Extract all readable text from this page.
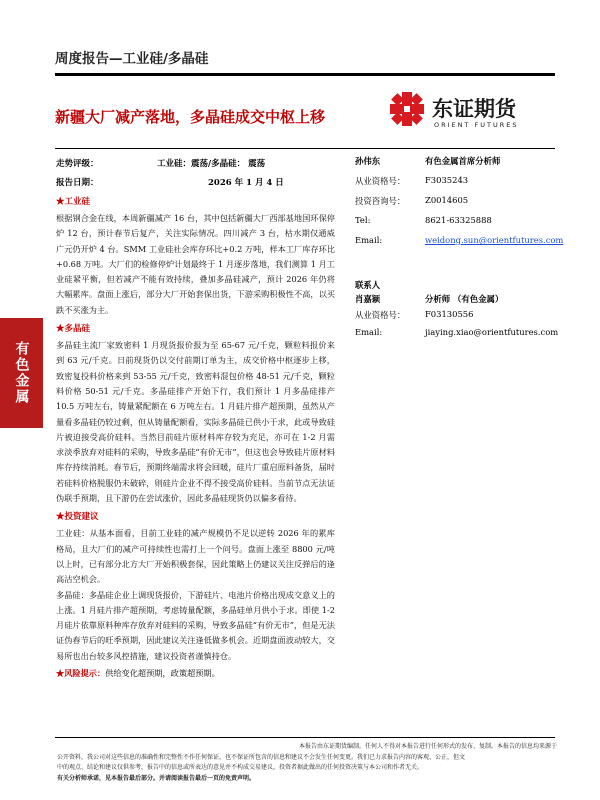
有色金属
周度报告—工业硅/多晶硅
新疆大厂减产落地，多晶硅成交中枢上移	东证期货
ORIENT FUTURES
走势评级：	工业硅：震荡/多晶硅： 震荡
报告日期：	2026 年 1 月 4 日
★工业硅
根据钢合金在线，本周新疆减产 16 台，其中包括新疆大厂西部基地国环保停炉 12 台，预计春节后复产，关注实际情况。四川减产 3 台，枯水期仅通威广元仍开炉 4 台。SMM 工业硅社会库存环比+0.2 万吨，样本工厂库存环比+0.68 万吨。大厂们的检修停炉计划最终于 1 月逐步落地，我们测算 1 月工业硅紧平衡，但若减产不能有效持续，叠加多晶硅减产，预计 2026 年仍将大幅累库。盘面上涨后，部分大厂开始套保出货，下游采购积极性不高，以买跌不买涨为主。
★多晶硅
多晶硅主流厂家致密料 1 月现货报价报为至 65-67 元/千克，颗粒料报价来到 63 元/千克。日前现货仍以交付前期订单为主，成交价格中枢逐步上移，致密复投料价格来到 53-55 元/千克，致密料混包价格 48-51 元/千克，颗粒料价格 50-51 元/千克。多晶硅排产开始下行，我们预计 1 月多晶硅排产 10.5 万吨左右，铸量紧配额在 6 万吨左右。1 月硅片排产超预期，虽然从产量看多晶硅仍较过剩，但从铸量配额看，实际多晶硅已供小于求，此或导致硅片被迫接受高价硅料。当然目前硅片原材料库存较为充足，亦可在 1-2 月需求淡季放弃对硅料的采购，导致多晶硅“有价无市”，但这也会导致硅片原材料库存持续消耗。春节后，预期终端需求将会回暖，硅片厂重启原料备货，届时若硅料价格脱服仍未破碎，则硅片企业不得不接受高价硅料。当前节点无法证伪联手预期，且下游仍在尝试涨价，因此多晶硅现货仍以偏多看待。
★投资建议
工业硅：从基本面看，目前工业硅的减产规模仍不足以逆转 2026 年的累库格局，且大厂们的减产可持续性也需打上一个问号。盘面上涨至 8800 元/吨以上时，已有部分北方大厂开始积极套保，因此策略上仍建议关注反弹后的逢高沽空机会。
多晶硅：多晶硅企业上调现货报价，下游硅片、电池片价格出现成交意义上的上涨。1 月硅片排产超预期，考虑铸量配额，多晶硅单月供小于求。即使 1-2 月硅片依靠原料种库存放弃对硅料的采购，导致多晶硅“有价无市”，但是无法证伪春节后的旺季预期，因此建议关注逢低做多机会。近期盘面波动较大，交易所也出台较多风控措施，建议投资者谨慎持仓。
★风险提示：供给变化超预期，政策超预期。
孙伟东	有色金属首席分析师
从业资格号： F3035243
投资咨询号： Z0014605
Tel:	8621-63325888
Email:	weidong.sun@orientfutures.com
联系人
肖嘉颖	分析师 （有色金属）
从业资格号： F03130556
Email:	jiaying.xiao@orientfutures.com
本报告由东证期货编制。任何人不得对本报告进行任何形式的发布、复制。本报告的信息均来源于
公开资料，我公司对这些信息的准确性和完整性不作任何保证，也不保证所包含的信息和建议不会发生任何变更。我们已力求报告内容的客观、公正，但文
中的观点、结论和建议仅供参考，报告中的信息或所表达的意见并不构成交易建议，投资者据此做出的任何投资决策与本公司和作者无关。
有关分析师承诺，见本报告最后部分。并请阅读报告最后一页的免责声明。
